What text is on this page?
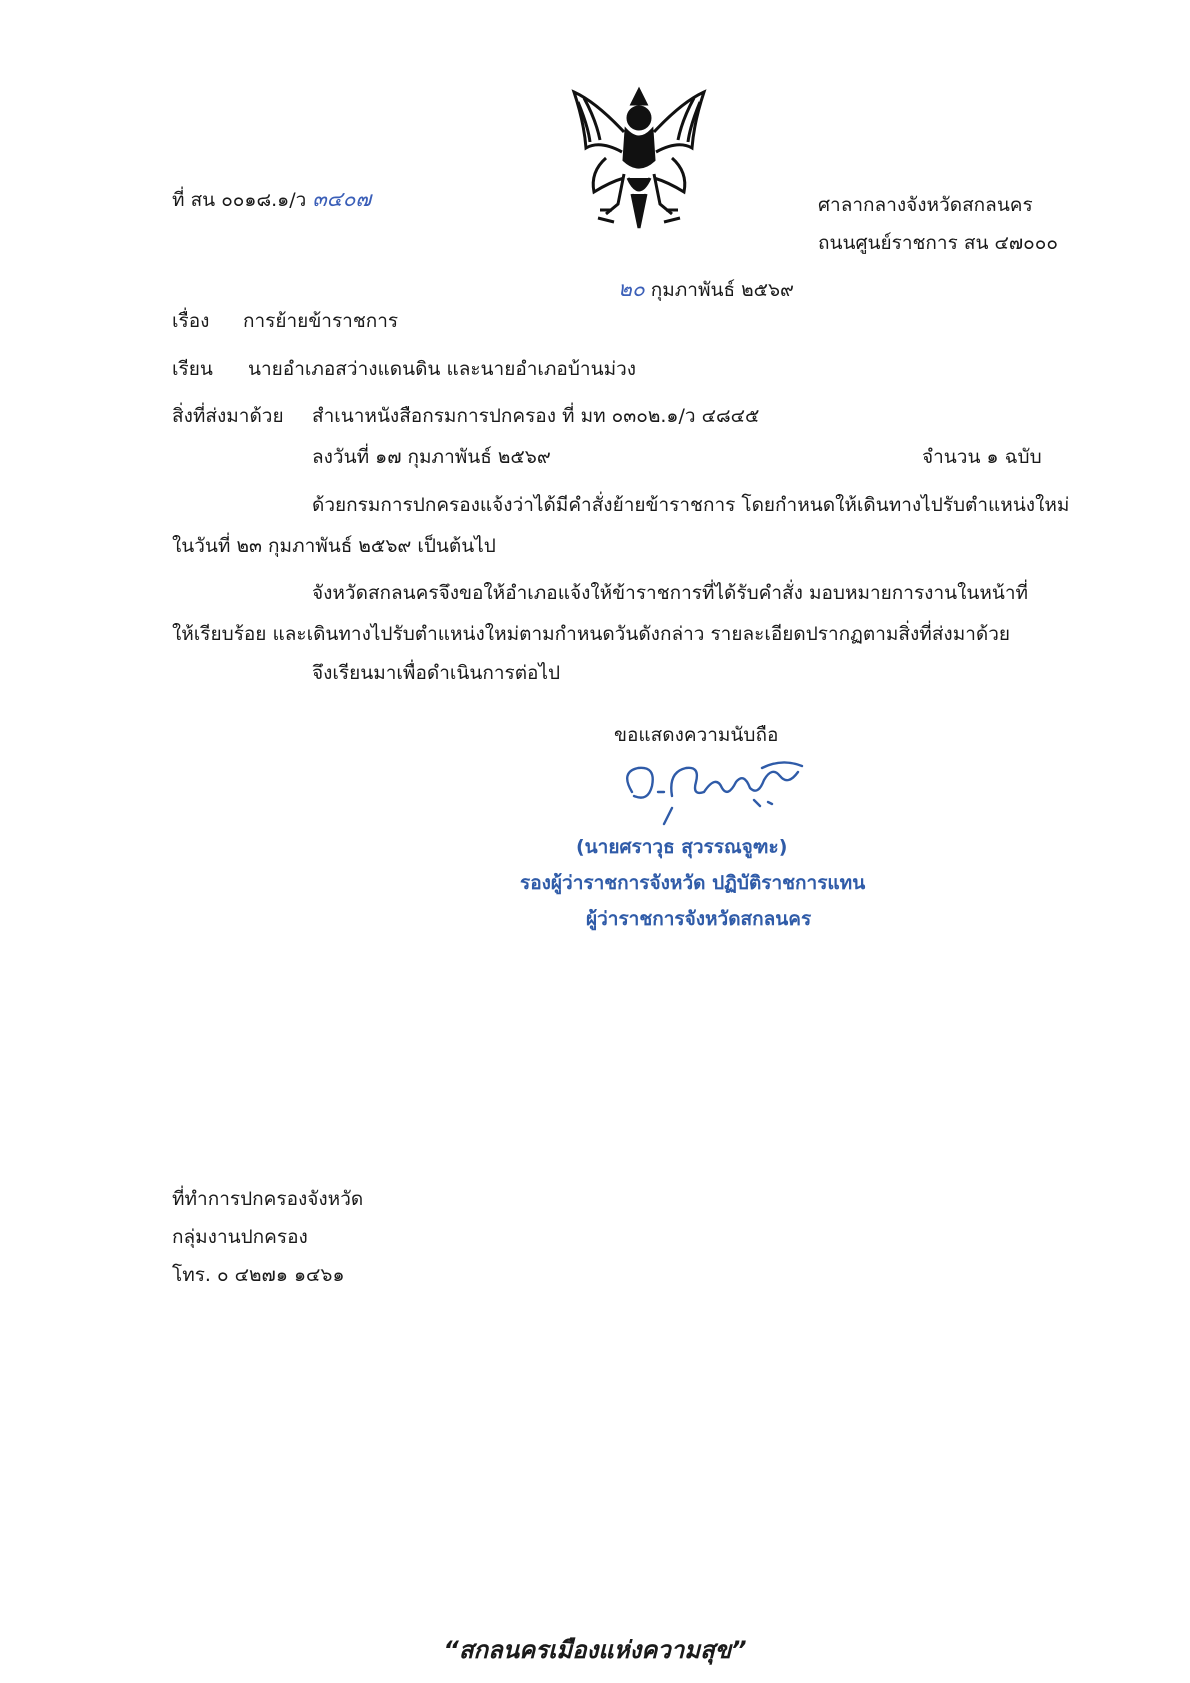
ที่ สน ๐๐๑๘.๑/ว ๓๔๐๗	ศาลากลางจังหวัดสกลนคร
ถนนศูนย์ราชการ สน ๔๗๐๐๐
๒๐ กุมภาพันธ์ ๒๕๖๙
เรื่อง การย้ายข้าราชการ
เรียน นายอำเภอสว่างแดนดิน และนายอำเภอบ้านม่วง
สิ่งที่ส่งมาด้วย สำเนาหนังสือกรมการปกครอง ที่ มท ๐๓๐๒.๑/ว ๔๘๔๕
ลงวันที่ ๑๗ กุมภาพันธ์ ๒๕๖๙	จำนวน ๑ ฉบับ
ด้วยกรมการปกครองแจ้งว่าได้มีคำสั่งย้ายข้าราชการ โดยกำหนดให้เดินทางไปรับตำแหน่งใหม่
ในวันที่ ๒๓ กุมภาพันธ์ ๒๕๖๙ เป็นต้นไป
จังหวัดสกลนครจึงขอให้อำเภอแจ้งให้ข้าราชการที่ได้รับคำสั่ง มอบหมายการงานในหน้าที่
ให้เรียบร้อย และเดินทางไปรับตำแหน่งใหม่ตามกำหนดวันดังกล่าว รายละเอียดปรากฏตามสิ่งที่ส่งมาด้วย
จึงเรียนมาเพื่อดำเนินการต่อไป
ขอแสดงความนับถือ
(นายศราวุธ สุวรรณจูฑะ)
รองผู้ว่าราชการจังหวัด ปฏิบัติราชการแทน
ผู้ว่าราชการจังหวัดสกลนคร
ที่ทำการปกครองจังหวัด
กลุ่มงานปกครอง
โทร. ๐ ๔๒๗๑ ๑๔๖๑
“สกลนครเมืองแห่งความสุข”
